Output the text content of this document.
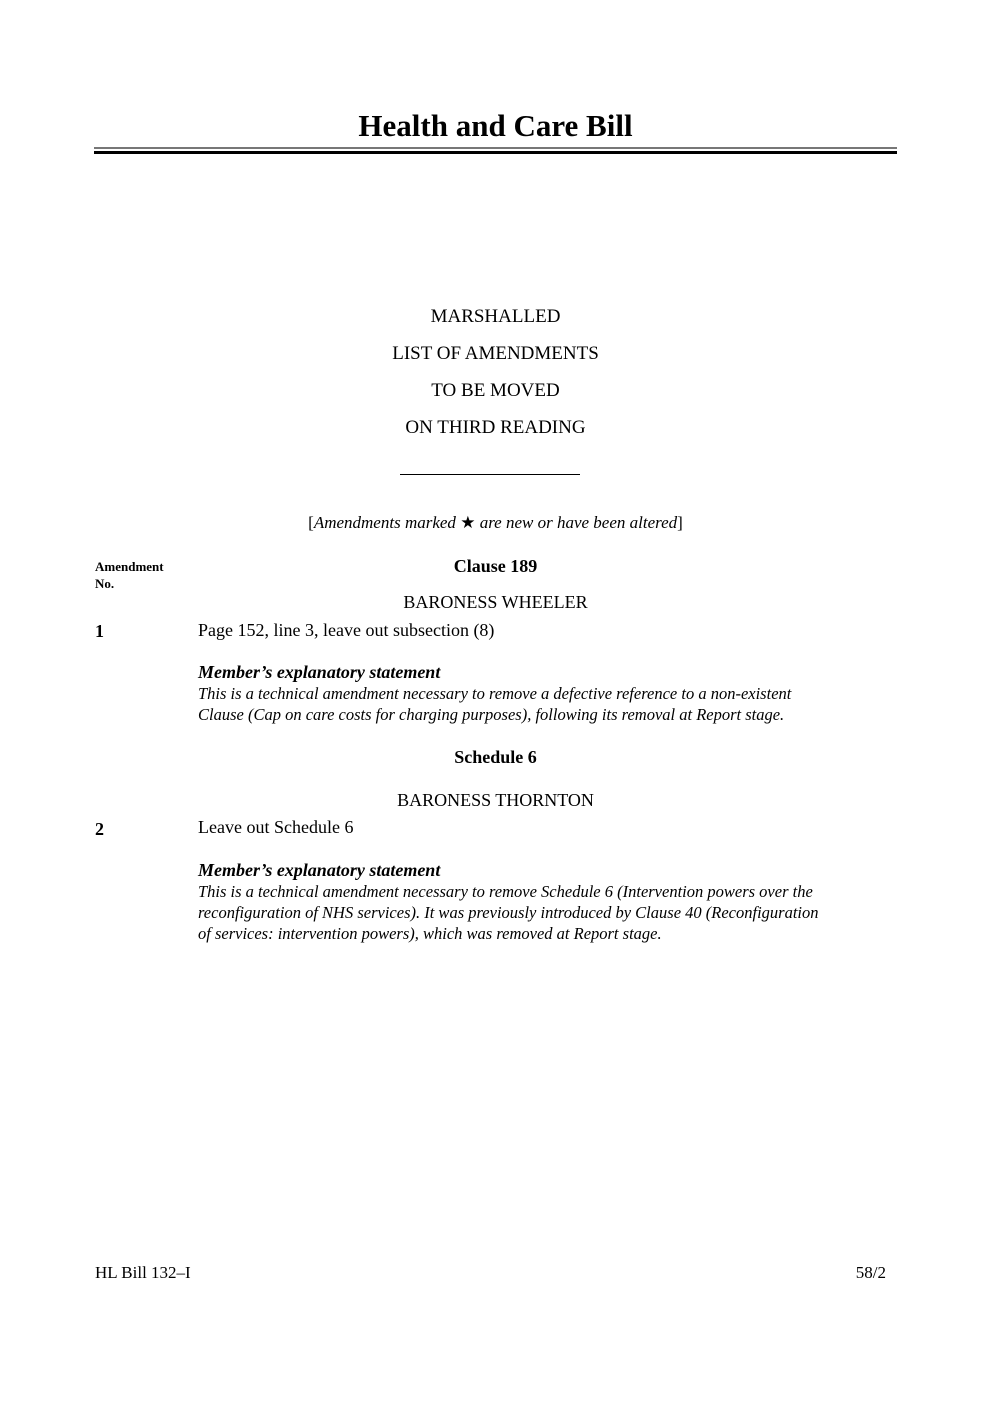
Health and Care Bill
MARSHALLED
LIST OF AMENDMENTS
TO BE MOVED
ON THIRD READING
[Amendments marked ★ are new or have been altered]
Amendment
No.
Clause 189
BARONESS WHEELER
1	Page 152, line 3, leave out subsection (8)
Member’s explanatory statement
This is a technical amendment necessary to remove a defective reference to a non-existent
Clause (Cap on care costs for charging purposes), following its removal at Report stage.
Schedule 6
BARONESS THORNTON
2	Leave out Schedule 6
Member’s explanatory statement
This is a technical amendment necessary to remove Schedule 6 (Intervention powers over the
reconfiguration of NHS services). It was previously introduced by Clause 40 (Reconfiguration
of services: intervention powers), which was removed at Report stage.
HL Bill 132–I	58/2
